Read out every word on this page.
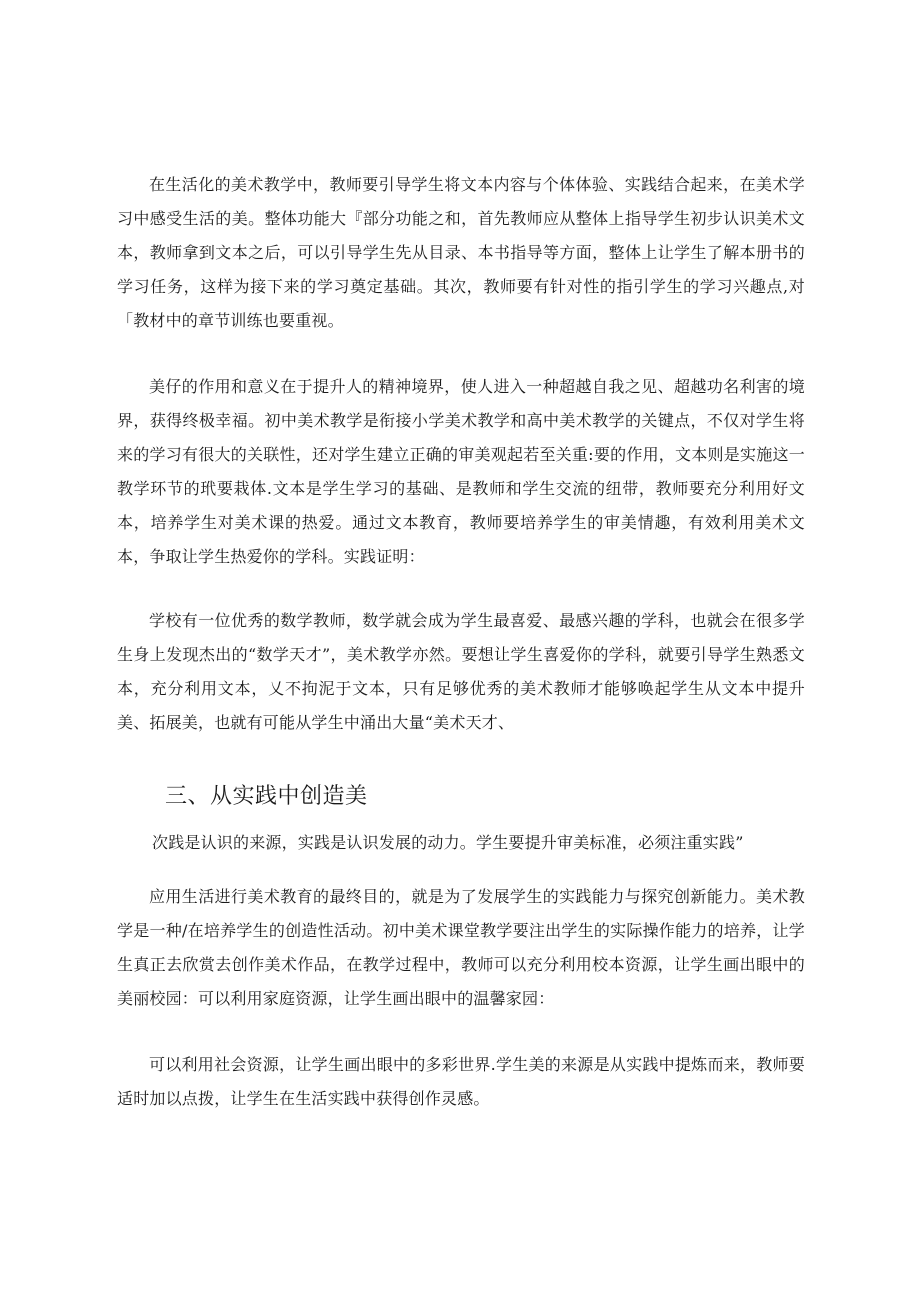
在生活化的美术教学中，教师要引导学生将文本内容与个体体验、实践结合起来，在美术学习中感受生活的美。整体功能大『部分功能之和，首先教师应从整体上指导学生初步认识美术文本，教师拿到文本之后，可以引导学生先从目录、本书指导等方面，整体上让学生了解本册书的学习任务，这样为接下来的学习奠定基础。其次，教师要有针对性的指引学生的学习兴趣点,对「教材中的章节训练也要重视。

美仔的作用和意义在于提升人的精神境界，使人进入一种超越自我之见、超越功名利害的境界，获得终极幸福。初中美术教学是衔接小学美术教学和高中美术教学的关键点，不仅对学生将来的学习有很大的关联性，还对学生建立正确的审美观起若至关重:要的作用，文本则是实施这一教学环节的玳要栽体.文本是学生学习的基础、是教师和学生交流的纽带，教师要充分利用好文本，培养学生对美术课的热爱。通过文本教育，教师要培养学生的审美情趣，有效利用美术文本，争取让学生热爱你的学科。实践证明：

学校有一位优秀的数学教师，数学就会成为学生最喜爱、最感兴趣的学科，也就会在很多学生身上发现杰出的“数学天才”，美术教学亦然。要想让学生喜爱你的学科，就要引导学生熟悉文本，充分利用文本，乂不拘泥于文本，只有足够优秀的美术教师才能够唤起学生从文本中提升美、拓展美，也就有可能从学生中涌出大量“美术天才、

三、从实践中创造美

次践是认识的来源，实践是认识发展的动力。学生要提升审美标准，必须注重实践”

应用生活进行美术教育的最终目的，就是为了发展学生的实践能力与探究创新能力。美术教学是一种/在培养学生的创造性活动。初中美术课堂教学要注出学生的实际操作能力的培养，让学生真正去欣赏去创作美术作品，在教学过程中，教师可以充分利用校本资源，让学生画出眼中的美丽校园：可以利用家庭资源，让学生画出眼中的温馨家园：

可以利用社会资源，让学生画出眼中的多彩世界.学生美的来源是从实践中提炼而来，教师要适时加以点拨，让学生在生活实践中获得创作灵感。
